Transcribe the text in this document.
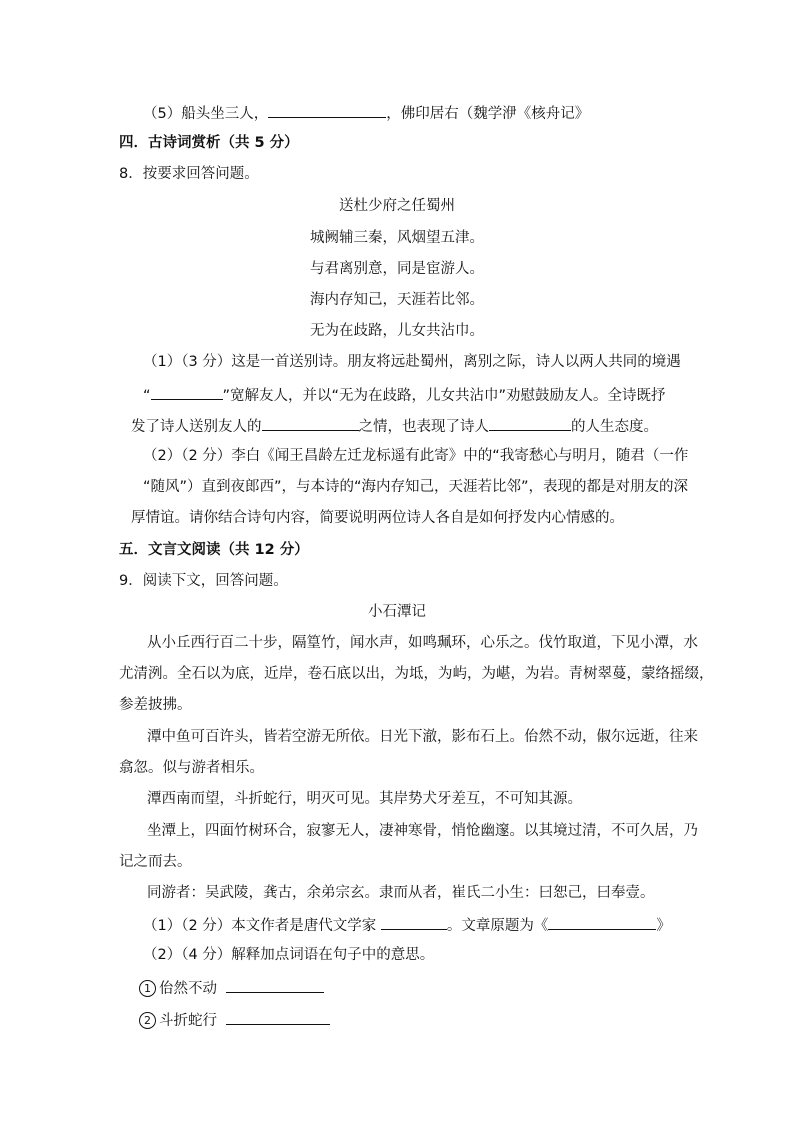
（5）船头坐三人，	，佛印居右（魏学洢《核舟记》
四．古诗词赏析（共 5 分）
8．按要求回答问题。
送杜少府之任蜀州
城阙辅三秦，风烟望五津。
与君离别意，同是宦游人。
海内存知己，天涯若比邻。
无为在歧路，儿女共沾巾。
（1）（3 分）这是一首送别诗。朋友将远赴蜀州，离别之际，诗人以两人共同的境遇
“	”宽解友人，并以“无为在歧路，儿女共沾巾”劝慰鼓励友人。全诗既抒
发了诗人送别友人的	之情，也表现了诗人	的人生态度。
（2）（2 分）李白《闻王昌龄左迁龙标遥有此寄》中的“我寄愁心与明月，随君（一作
“随风”）直到夜郎西”，与本诗的“海内存知己，天涯若比邻”，表现的都是对朋友的深
厚情谊。请你结合诗句内容，简要说明两位诗人各自是如何抒发内心情感的。
五．文言文阅读（共 12 分）
9．阅读下文，回答问题。
小石潭记
从小丘西行百二十步，隔篁竹，闻水声，如鸣珮环，心乐之。伐竹取道，下见小潭，水
尤清洌。全石以为底，近岸，卷石底以出，为坻，为屿，为嵁，为岩。青树翠蔓，蒙络摇缀，
参差披拂。
潭中鱼可百许头，皆若空游无所依。日光下澈，影布石上。佁然不动，俶尔远逝，往来
翕忽。似与游者相乐。
潭西南而望，斗折蛇行，明灭可见。其岸势犬牙差互，不可知其源。
坐潭上，四面竹树环合，寂寥无人，凄神寒骨，悄怆幽邃。以其境过清，不可久居，乃
记之而去。
同游者：吴武陵，龚古，余弟宗玄。隶而从者，崔氏二小生：曰恕己，曰奉壹。
（1）（2 分）本文作者是唐代文学家	。文章原题为《	》
（2）（4 分）解释加点词语在句子中的意思。
1 佁然不动
2 斗折蛇行
